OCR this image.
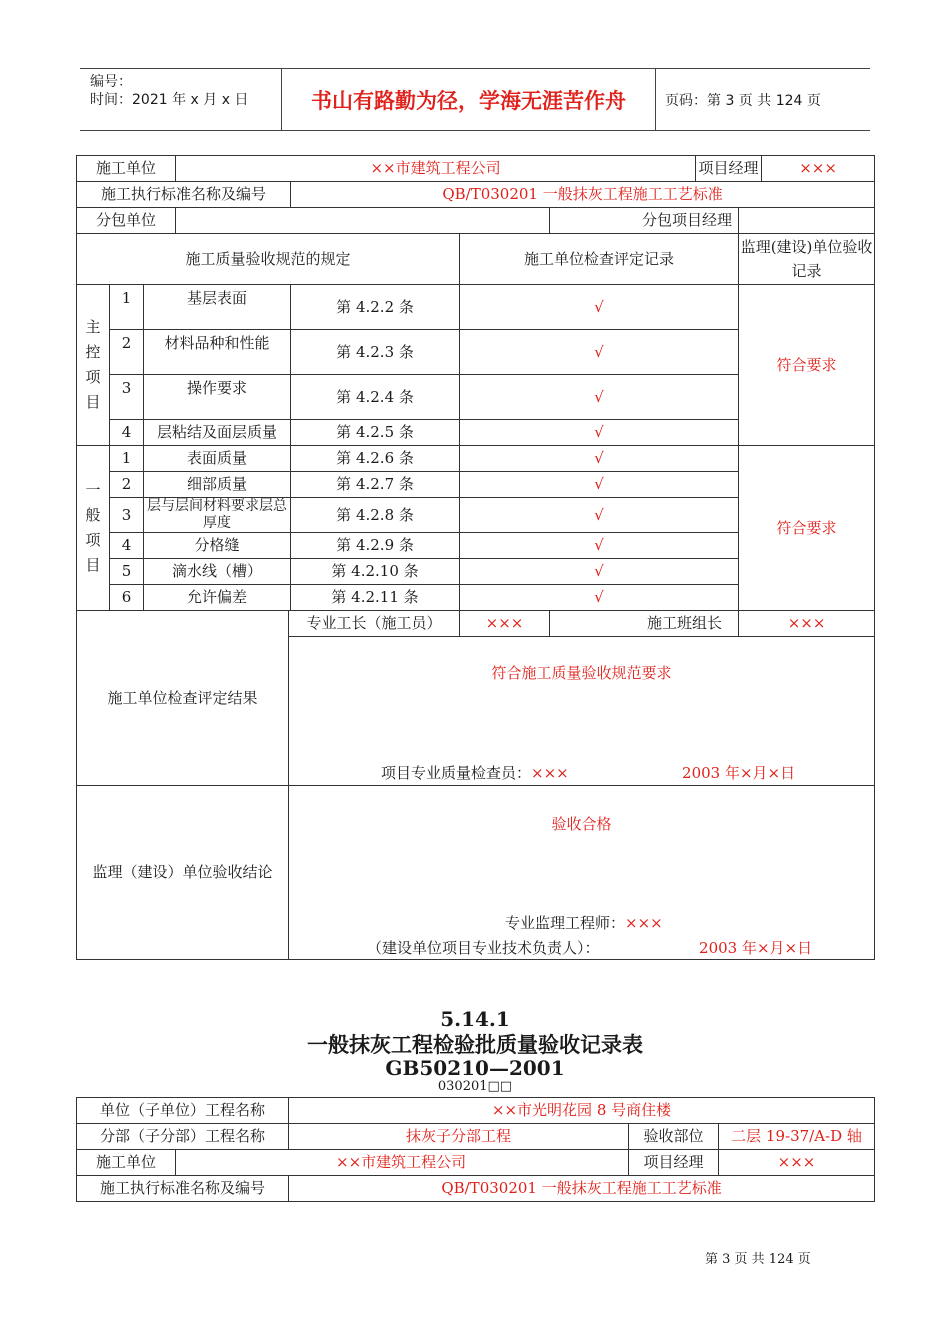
编号：
时间：2021 年 x 月 x 日	书山有路勤为径，学海无涯苦作舟	页码：第 3 页 共 124 页
施工单位			××市建筑工程公司					项目经理		×××
施工执行标准名称及编号					QB/T030201 一般抹灰工程施工工艺标准					
分包单位							分包项目经理			
施工质量验收规范的规定						施工单位检查评定记录			监理(建设)单位验收记录	

主
控
项
目	1	基层表面			第 4.2.2 条	√			符合要求	
	2	材料品种和性能			第 4.2.3 条	√				
	3	操作要求			第 4.2.4 条	√				
	4	层粘结及面层质量			第 4.2.5 条	√				

一
般
项
目	1	表面质量			第 4.2.6 条	√			符合要求	
	2	细部质量			第 4.2.7 条	√				
	3	层与层间材料要求层总厚度			第 4.2.8 条	√				
	4	分格缝			第 4.2.9 条	√				
	5	滴水线（槽）			第 4.2.10 条	√				
	6	允许偏差			第 4.2.11 条	√				
施工单位检查评定结果				专业工长（施工员）		×××	施工班组长		×××	

				符合施工质量验收规范要求
项目专业质量检查员：××× 2003 年×月×日						

监理（建设）单位验收结论				验收合格
专业监理工程师：×××
（建设单位项目专业技术负责人）： 2003 年×月×日						
5.14.1
一般抹灰工程检验批质量验收记录表
GB50210—2001
030201□□
单位（子单位）工程名称		××市光明花园 8 号商住楼		
分部（子分部）工程名称		抹灰子分部工程	验收部位	二层 19-37/A-D 轴
施工单位	××市建筑工程公司		项目经理	×××
施工执行标准名称及编号		QB/T030201 一般抹灰工程施工工艺标准		
第 3 页 共 124 页
